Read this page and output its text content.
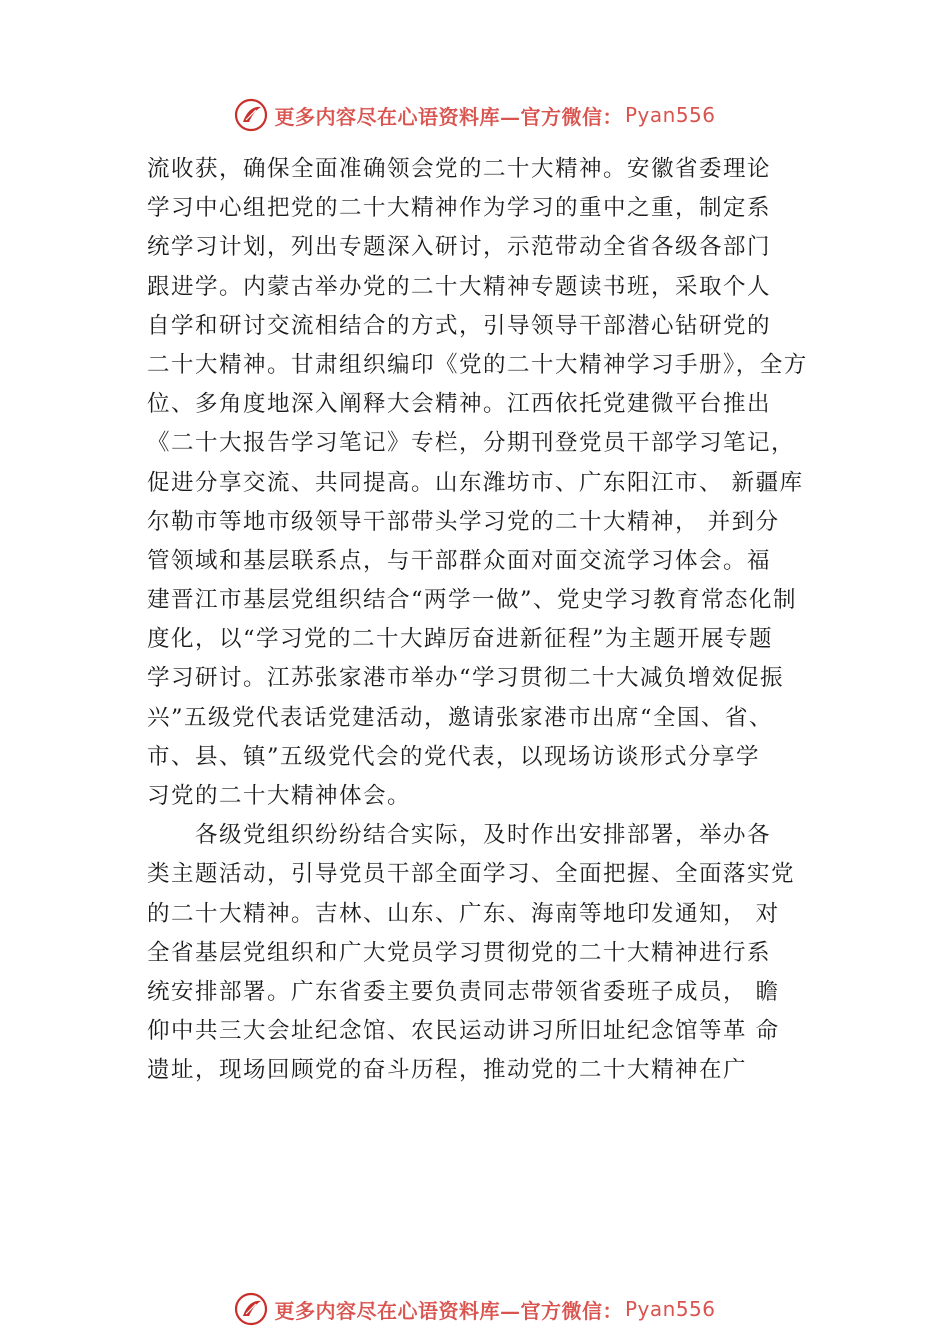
更多内容尽在心语资料库—官方微信： Pyan556
流收获，确保全面准确领会党的二十大精神。安徽省委理论
学习中心组把党的二十大精神作为学习的重中之重，制定系
统学习计划，列出专题深入研讨，示范带动全省各级各部门
跟进学。内蒙古举办党的二十大精神专题读书班，采取个人
自学和研讨交流相结合的方式，引导领导干部潜心钻研党的
二十大精神。甘肃组织编印《党的二十大精神学习手册》，全方
位、多角度地深入阐释大会精神。江西依托党建微平台推出
《二十大报告学习笔记》专栏，分期刊登党员干部学习笔记，
促进分享交流、共同提高。山东潍坊市、广东阳江市、 新疆库
尔勒市等地市级领导干部带头学习党的二十大精神， 并到分
管领域和基层联系点，与干部群众面对面交流学习体会。福
建晋江市基层党组织结合“两学一做”、党史学习教育常态化制
度化，以“学习党的二十大踔厉奋进新征程”为主题开展专题
学习研讨。江苏张家港市举办“学习贯彻二十大减负增效促振
兴”五级党代表话党建活动，邀请张家港市出席“全国、省、
市、县、镇”五级党代会的党代表，以现场访谈形式分享学
习党的二十大精神体会。
各级党组织纷纷结合实际，及时作出安排部署，举办各
类主题活动，引导党员干部全面学习、全面把握、全面落实党
的二十大精神。吉林、山东、广东、海南等地印发通知， 对
全省基层党组织和广大党员学习贯彻党的二十大精神进行系
统安排部署。广东省委主要负责同志带领省委班子成员， 瞻
仰中共三大会址纪念馆、农民运动讲习所旧址纪念馆等革 命
遗址，现场回顾党的奋斗历程，推动党的二十大精神在广
更多内容尽在心语资料库—官方微信： Pyan556
